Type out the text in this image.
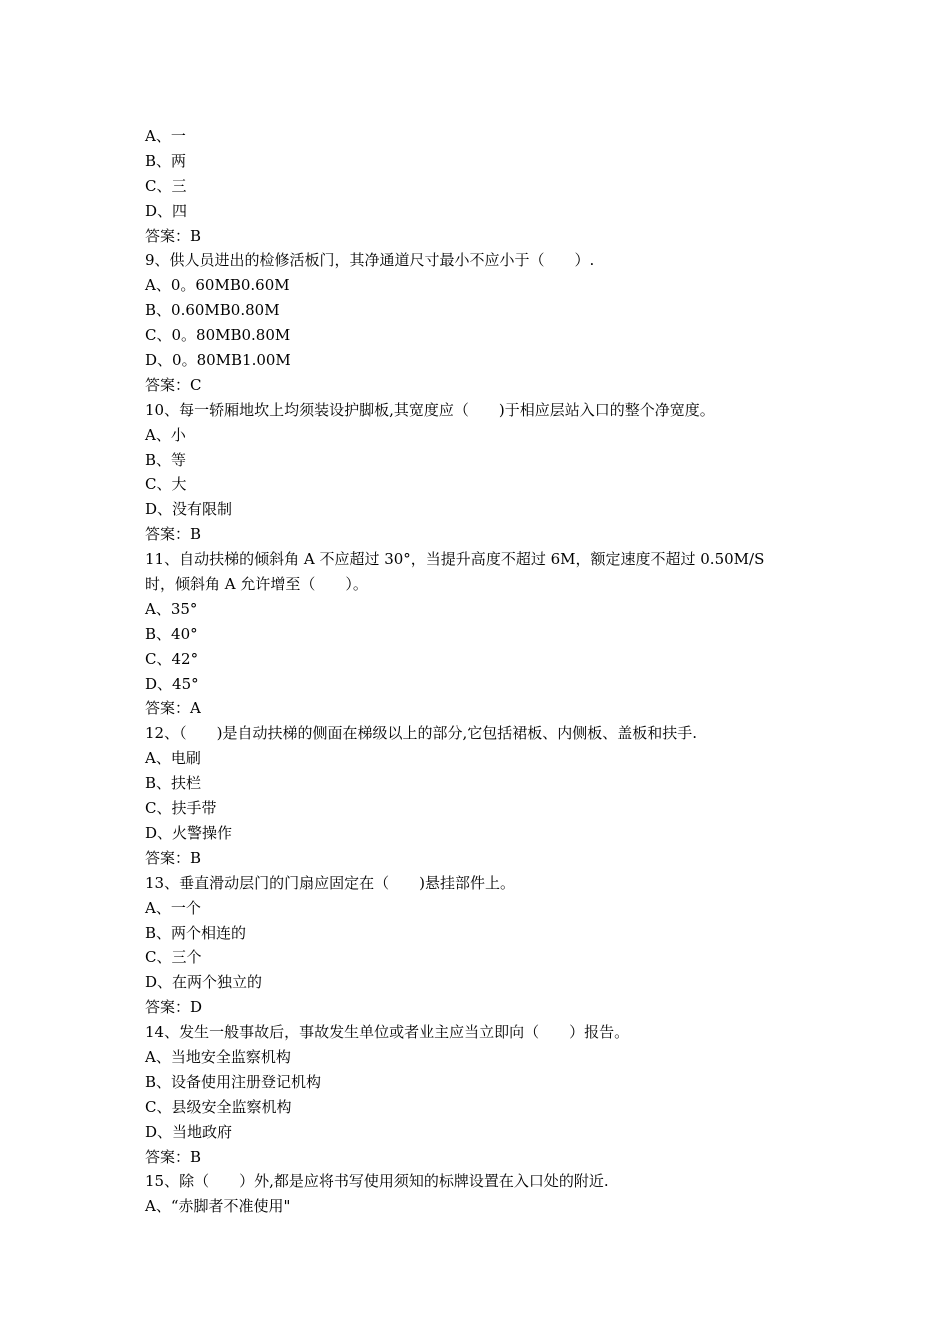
A、一
B、两
C、三
D、四
答案：B
9、供人员进出的检修活板门，其净通道尺寸最小不应小于（　　）.
A、0。60MB0.60M
B、0.60MB0.80M
C、0。80MB0.80M
D、0。80MB1.00M
答案：C
10、每一轿厢地坎上均须装设护脚板,其宽度应（　　)于相应层站入口的整个净宽度。
A、小
B、等
C、大
D、没有限制
答案：B
11、自动扶梯的倾斜角 A 不应超过 30°，当提升高度不超过 6M，额定速度不超过 0.50M/S
时，倾斜角 A 允许增至（　　）。
A、35°
B、40°
C、42°
D、45°
答案：A
12、（　　)是自动扶梯的侧面在梯级以上的部分,它包括裙板、内侧板、盖板和扶手.
A、电刷
B、扶栏
C、扶手带
D、火警操作
答案：B
13、垂直滑动层门的门扇应固定在（　　)悬挂部件上。
A、一个
B、两个相连的
C、三个
D、在两个独立的
答案：D
14、发生一般事故后，事故发生单位或者业主应当立即向（　　）报告。
A、当地安全监察机构
B、设备使用注册登记机构
C、县级安全监察机构
D、当地政府
答案：B
15、除（　　）外,都是应将书写使用须知的标牌设置在入口处的附近.
A、“赤脚者不准使用"
